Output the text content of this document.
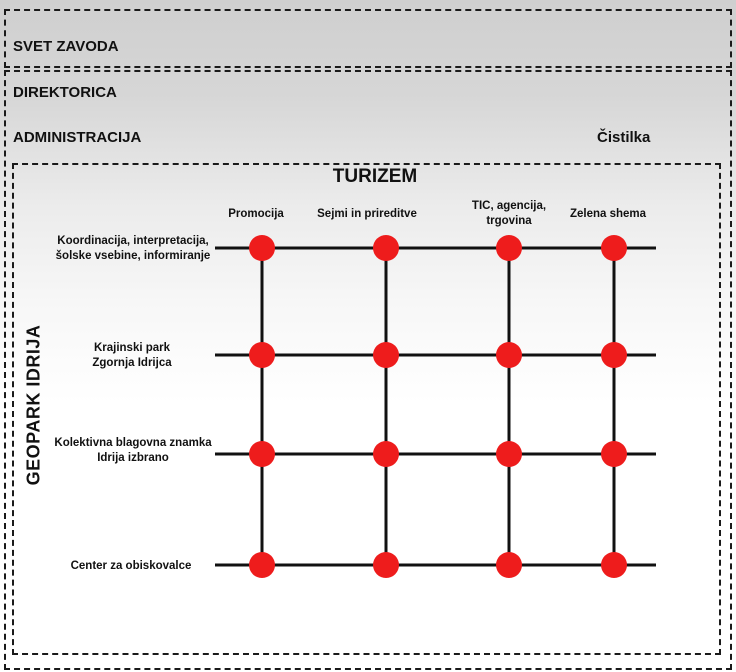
SVET ZAVODA
DIREKTORICA
ADMINISTRACIJA	Čistilka
TURIZEM
GEOPARK IDRIJA
Promocija	Sejmi in prireditve
TIC, agencija,
trgovina
Zelena shema
Koordinacija, interpretacija,
šolske vsebine, informiranje
Krajinski park
Zgornja Idrijca
Kolektivna blagovna znamka
Idrija izbrano
Center za obiskovalce
